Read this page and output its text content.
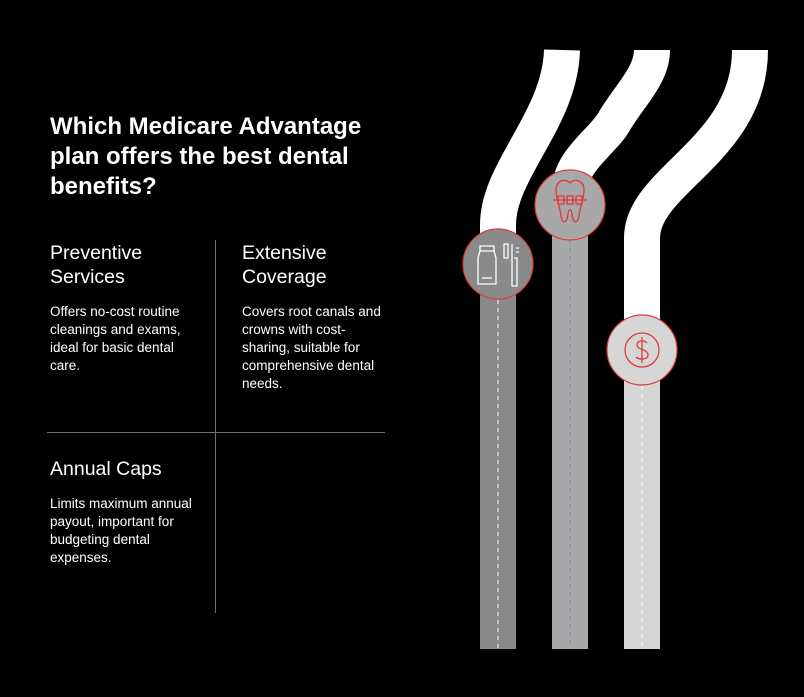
Which Medicare Advantage plan offers the best dental benefits?
Preventive Services

Offers no-cost routine cleanings and exams, ideal for basic dental care.

Extensive Coverage

Covers root canals and crowns with cost-sharing, suitable for comprehensive dental needs.

Annual Caps

Limits maximum annual payout, important for budgeting dental expenses.
